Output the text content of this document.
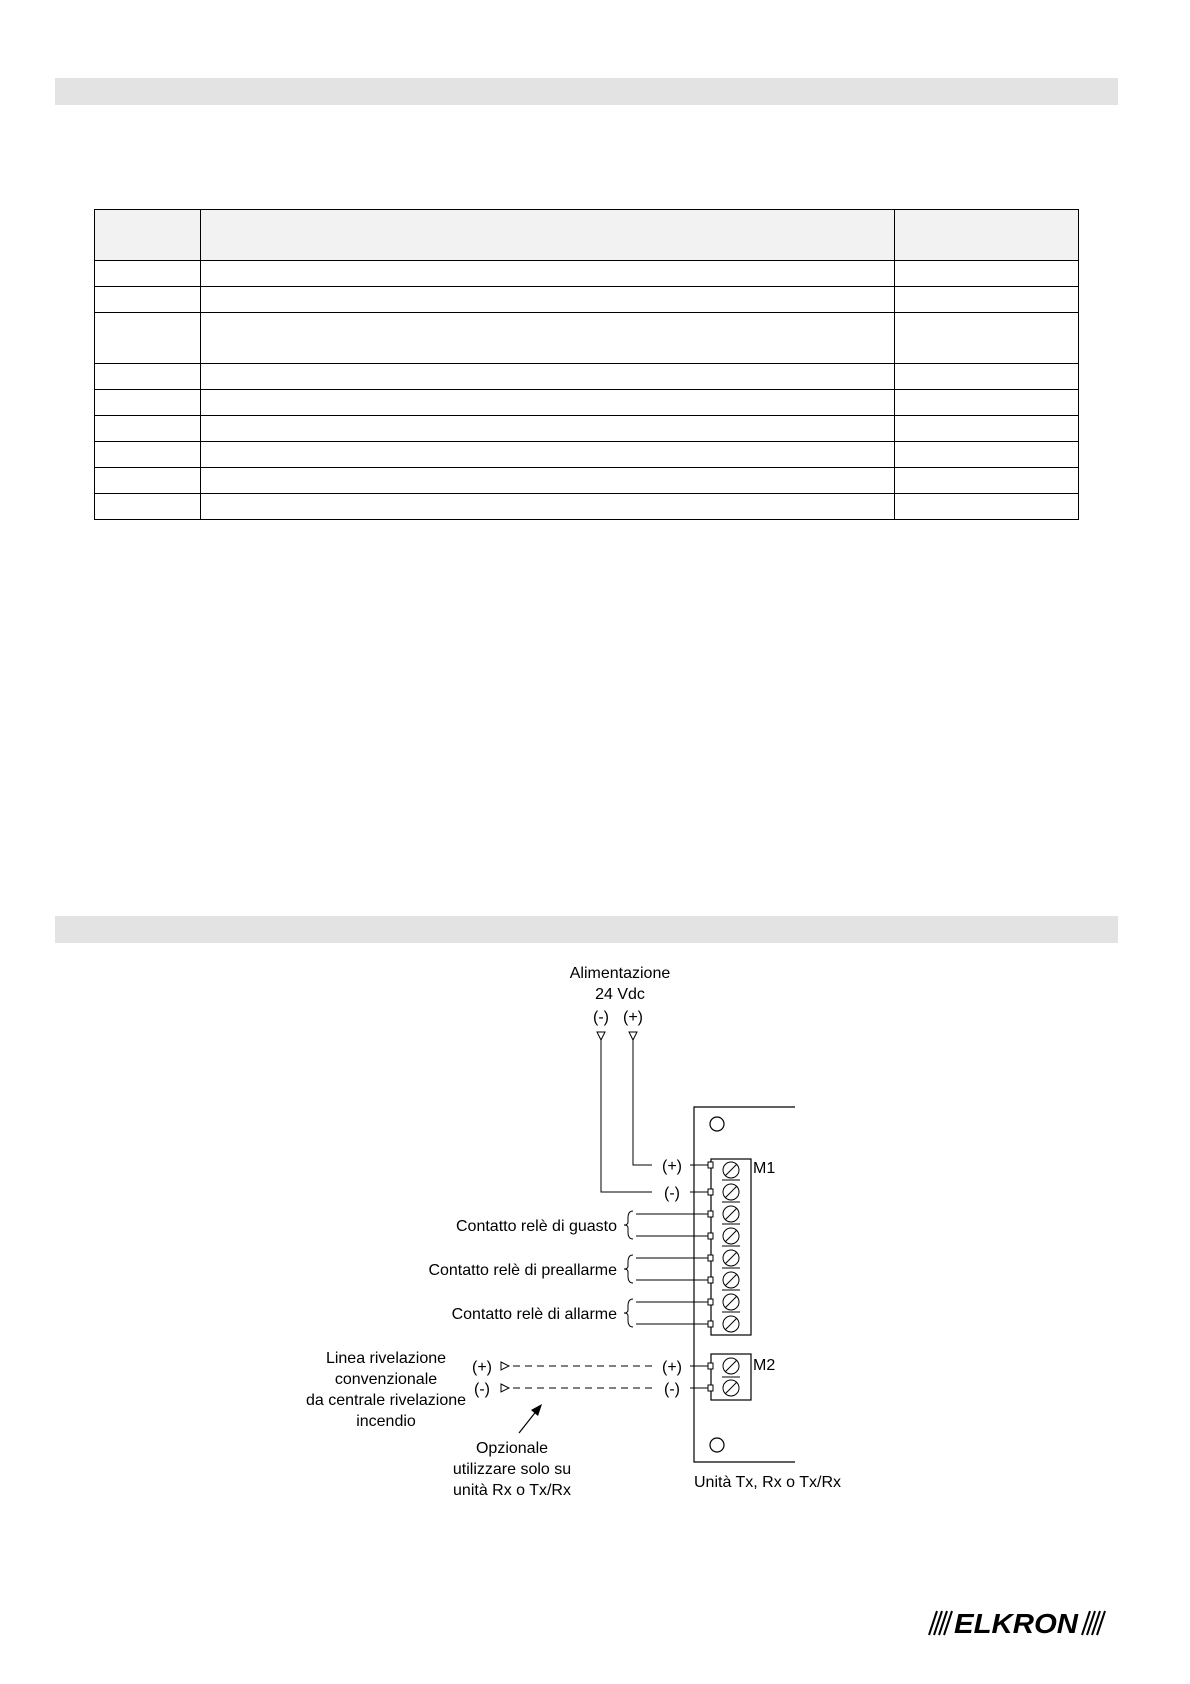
Alimentazione
24 Vdc
(-) (+)
M1
(+)
(-)
Contatto relè di guasto
Contatto relè di preallarme
Contatto relè di allarme
M2
(+)
(-)
(+)
(-)
Linea rivelazione
convenzionale
da centrale rivelazione
incendio
Opzionale
utilizzare solo su
unità Rx o Tx/Rx	Unità Tx, Rx o Tx/Rx
ELKRON
